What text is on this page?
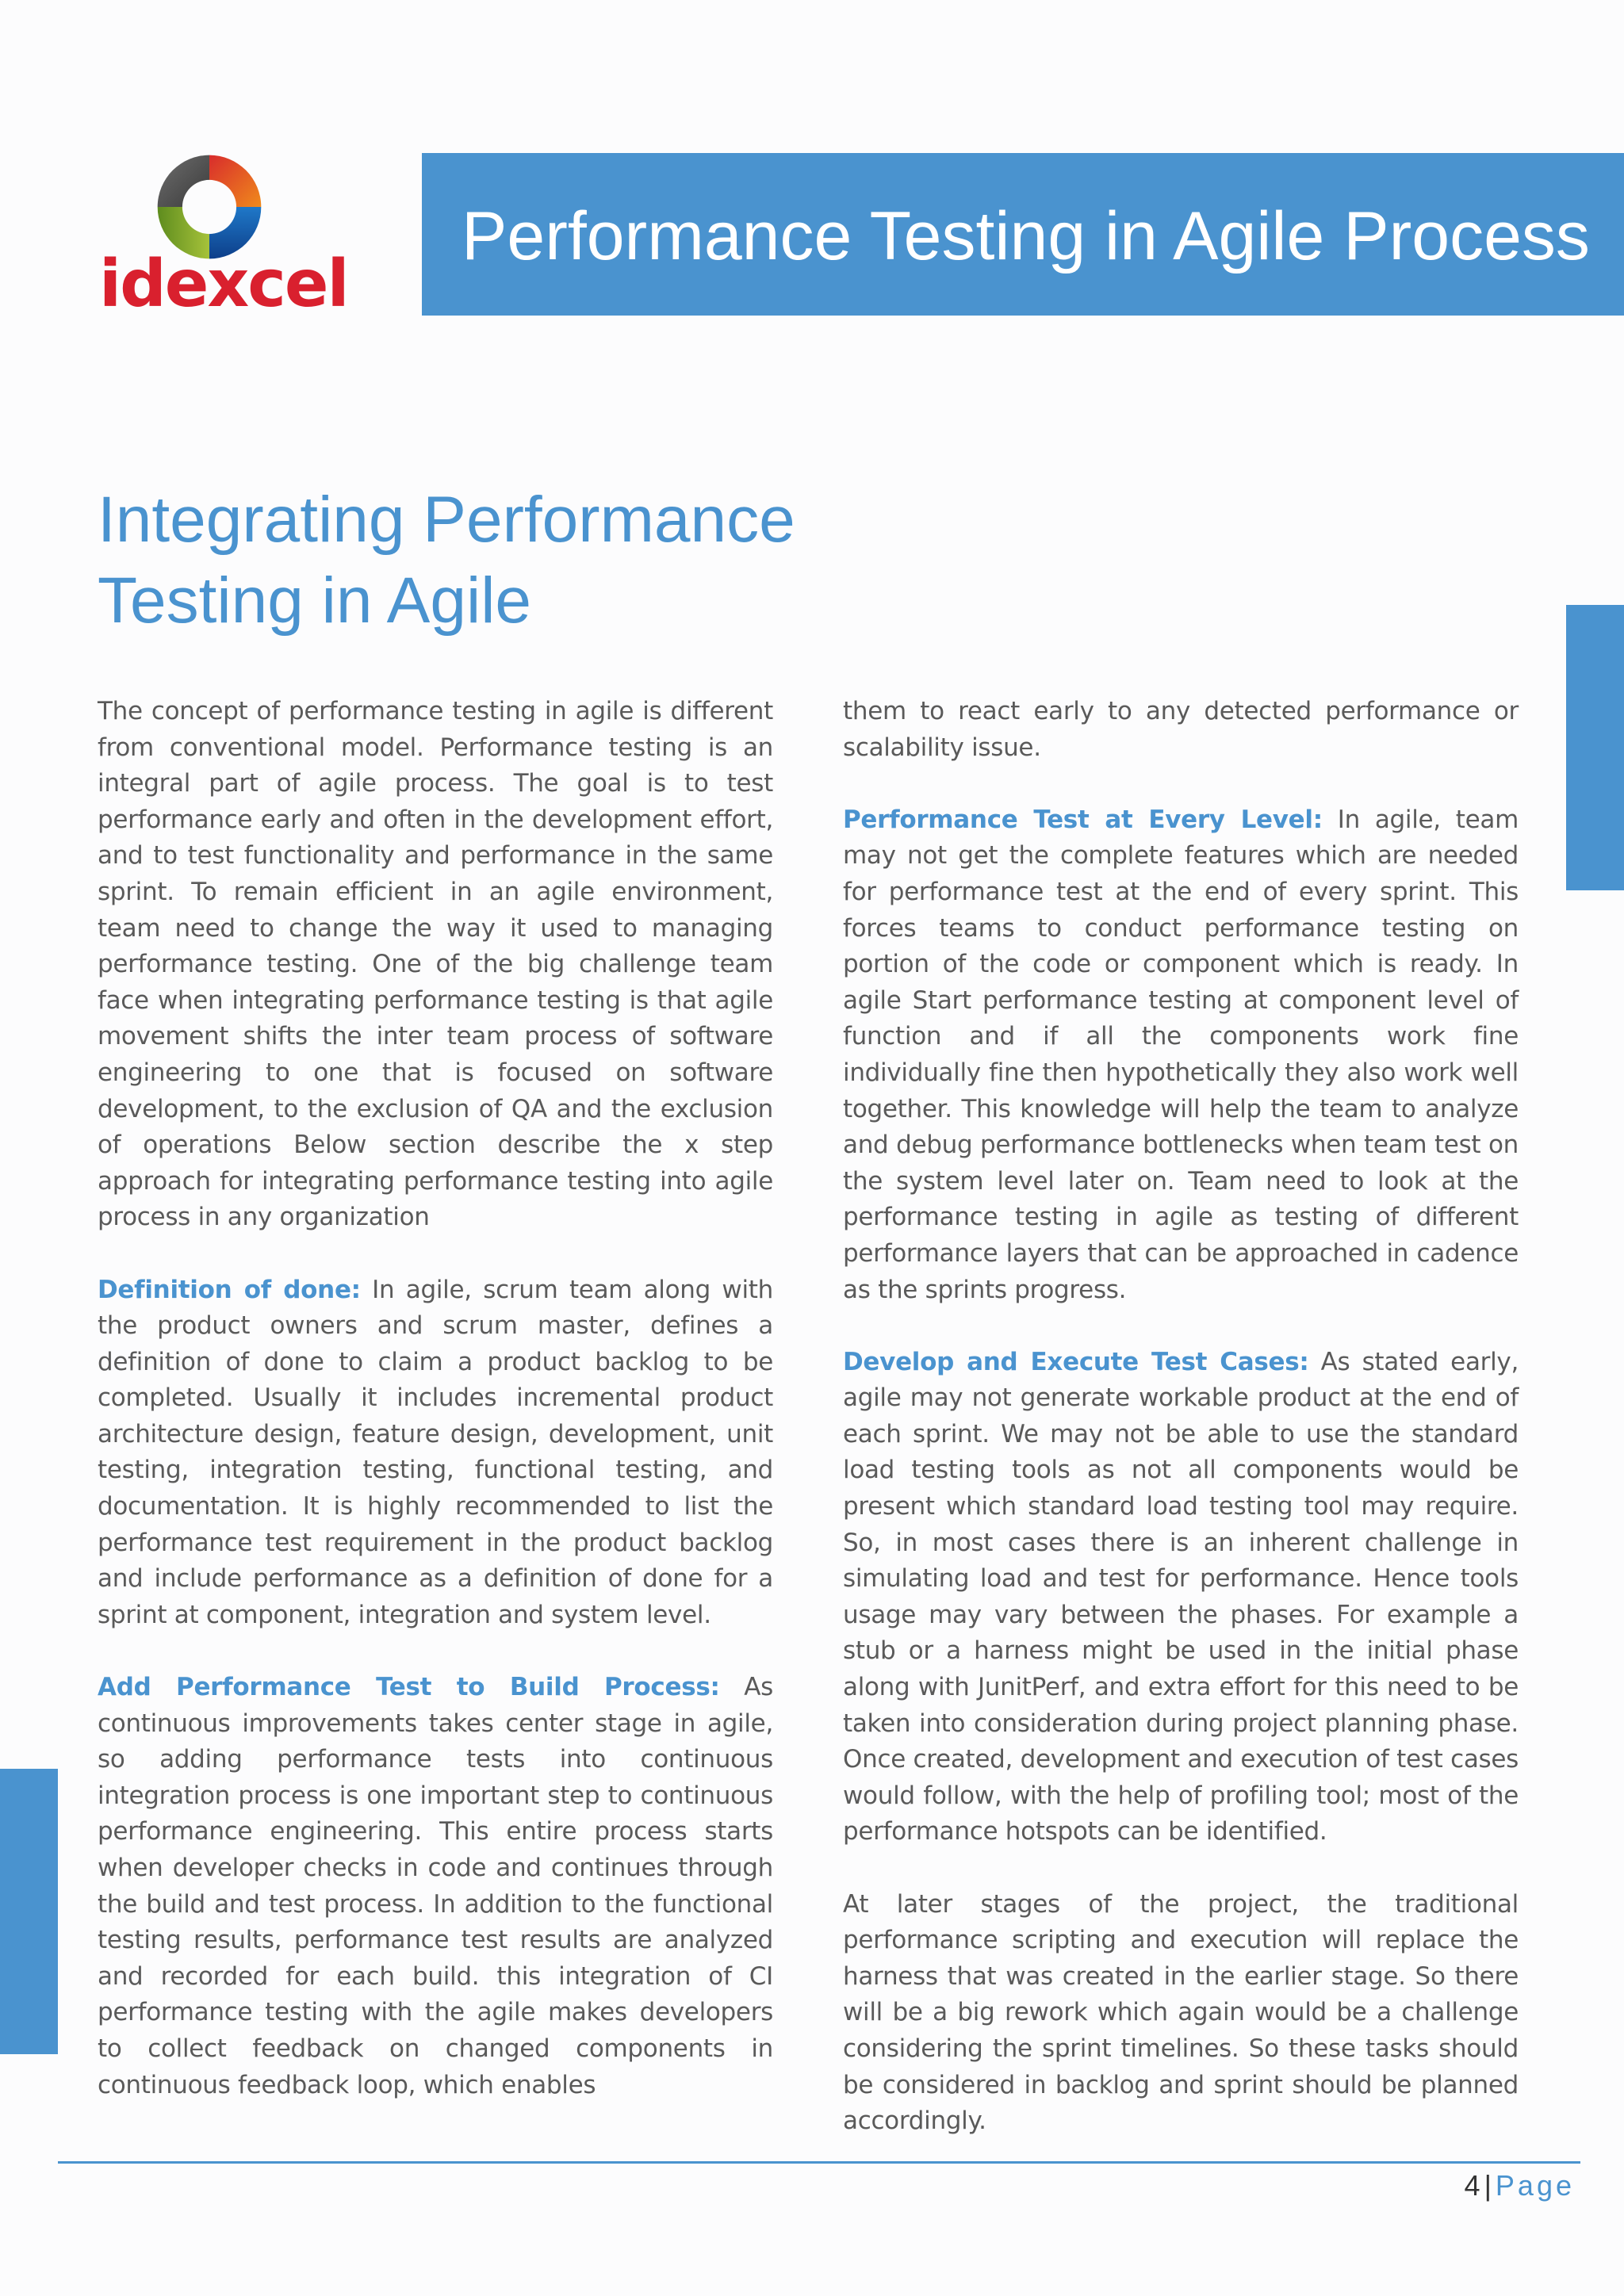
idexcel
Performance Testing in Agile Process
Integrating Performance Testing in Agile

The concept of performance testing in agile is different from conventional model. Performance testing is an integral part of agile process. The goal is to test performance early and often in the development effort, and to test functionality and performance in the same sprint. To remain efficient in an agile environment, team need to change the way it used to managing performance testing. One of the big challenge team face when integrating performance testing is that agile movement shifts the inter team process of software engineering to one that is focused on software development, to the exclusion of QA and the exclusion of operations Below section describe the x step approach for integrating performance testing into agile process in any organization

Definition of done: In agile, scrum team along with the product owners and scrum master, defines a definition of done to claim a product backlog to be completed. Usually it includes incremental product architecture design, feature design, development, unit testing, integration testing, functional testing, and documentation. It is highly recommended to list the performance test requirement in the product backlog and include performance as a definition of done for a sprint at component, integration and system level.

Add Performance Test to Build Process: As continuous improvements takes center stage in agile, so adding performance tests into continuous integration process is one important step to continuous performance engineering. This entire process starts when developer checks in code and continues through the build and test process. In addition to the functional testing results, performance test results are analyzed and recorded for each build. this integration of CI performance testing with the agile makes developers to collect feedback on changed components in continuous feedback loop, which enables

them to react early to any detected performance or scalability issue.

Performance Test at Every Level: In agile, team may not get the complete features which are needed for performance test at the end of every sprint. This forces teams to conduct performance testing on portion of the code or component which is ready. In agile Start performance testing at component level of function and if all the components work fine individually fine then hypothetically they also work well together. This knowledge will help the team to analyze and debug performance bottlenecks when team test on the system level later on. Team need to look at the performance testing in agile as testing of different performance layers that can be approached in cadence as the sprints progress.

Develop and Execute Test Cases: As stated early, agile may not generate workable product at the end of each sprint. We may not be able to use the standard load testing tools as not all components would be present which standard load testing tool may require. So, in most cases there is an inherent challenge in simulating load and test for performance. Hence tools usage may vary between the phases. For example a stub or a harness might be used in the initial phase along with JunitPerf, and extra effort for this need to be taken into consideration during project planning phase. Once created, development and execution of test cases would follow, with the help of profiling tool; most of the performance hotspots can be identified.

At later stages of the project, the traditional performance scripting and execution will replace the harness that was created in the earlier stage. So there will be a big rework which again would be a challenge considering the sprint timelines. So these tasks should be considered in backlog and sprint should be planned accordingly.

4 | Page
